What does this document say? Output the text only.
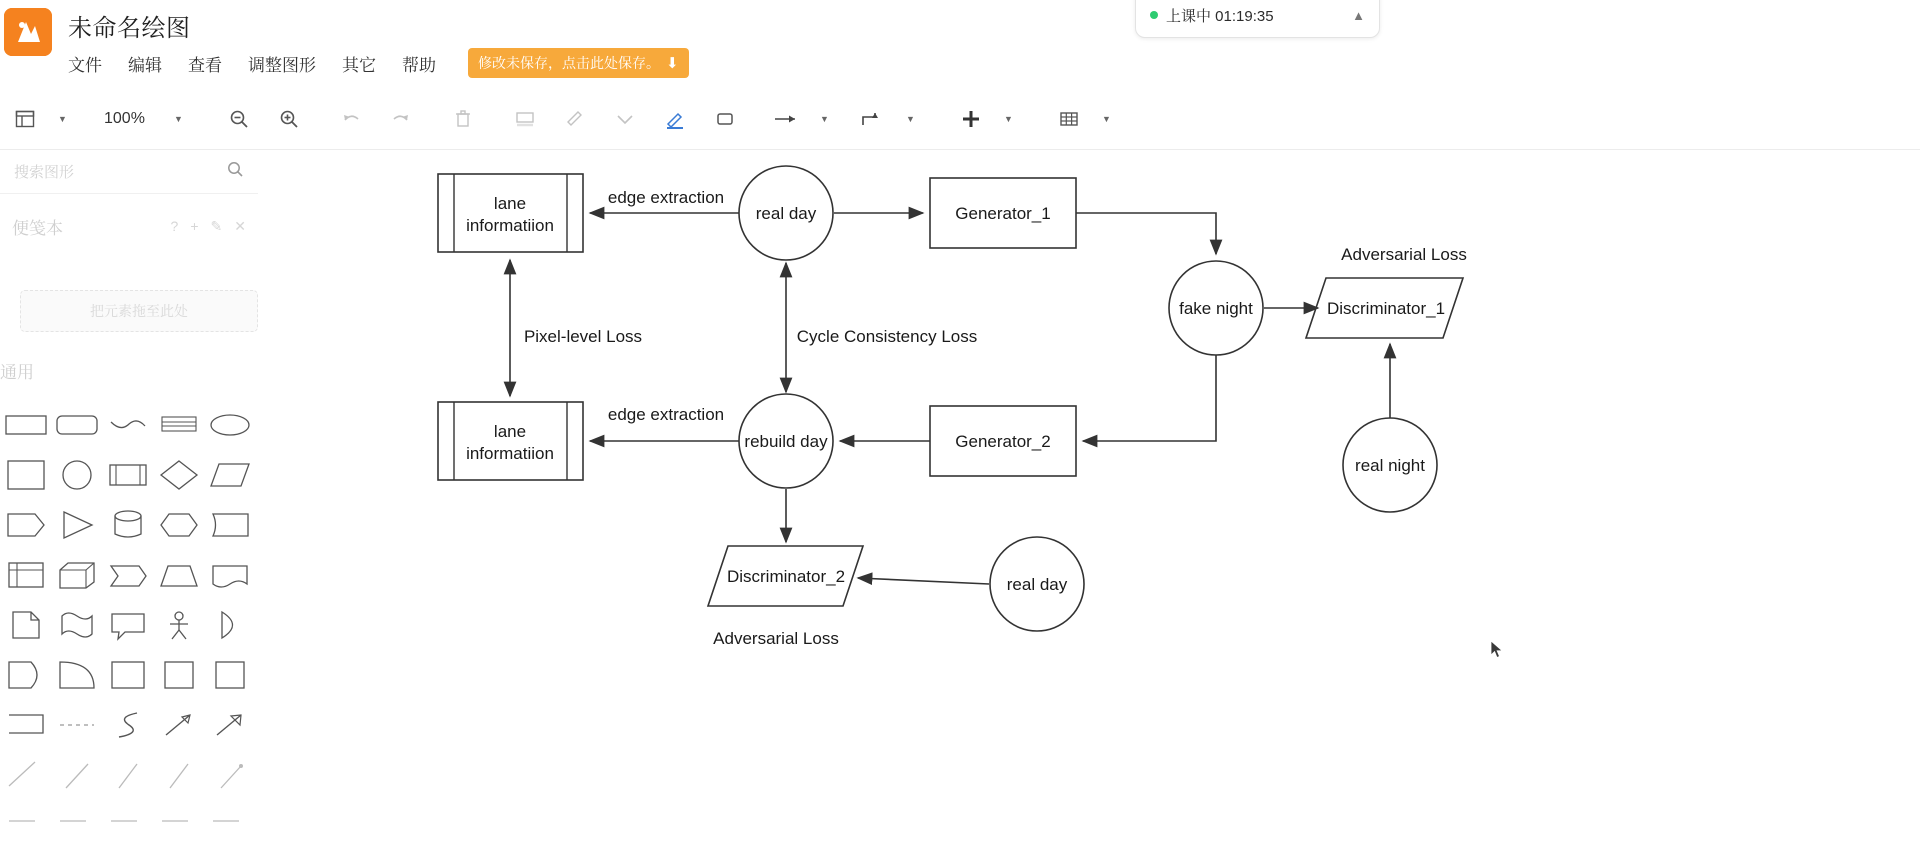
未命名绘图
文件 编辑 查看 调整图形 其它 帮助	修改未保存，点击此处保存。 ⬇
上课中 01:19:35	▲
▼	100%	▼	▼	▼	▼	▼
搜索图形
便笺本	? + ✎ ✕
把元素拖至此处
通用
lane
informatiion
real day	Generator_1
fake night	Discriminator_1
Adversarial Loss
lane
informatiion
rebuild day	Generator_2
real night
Discriminator_2
Adversarial Loss
real day
edge extraction
edge extraction
Pixel-level Loss	Cycle Consistency Loss
